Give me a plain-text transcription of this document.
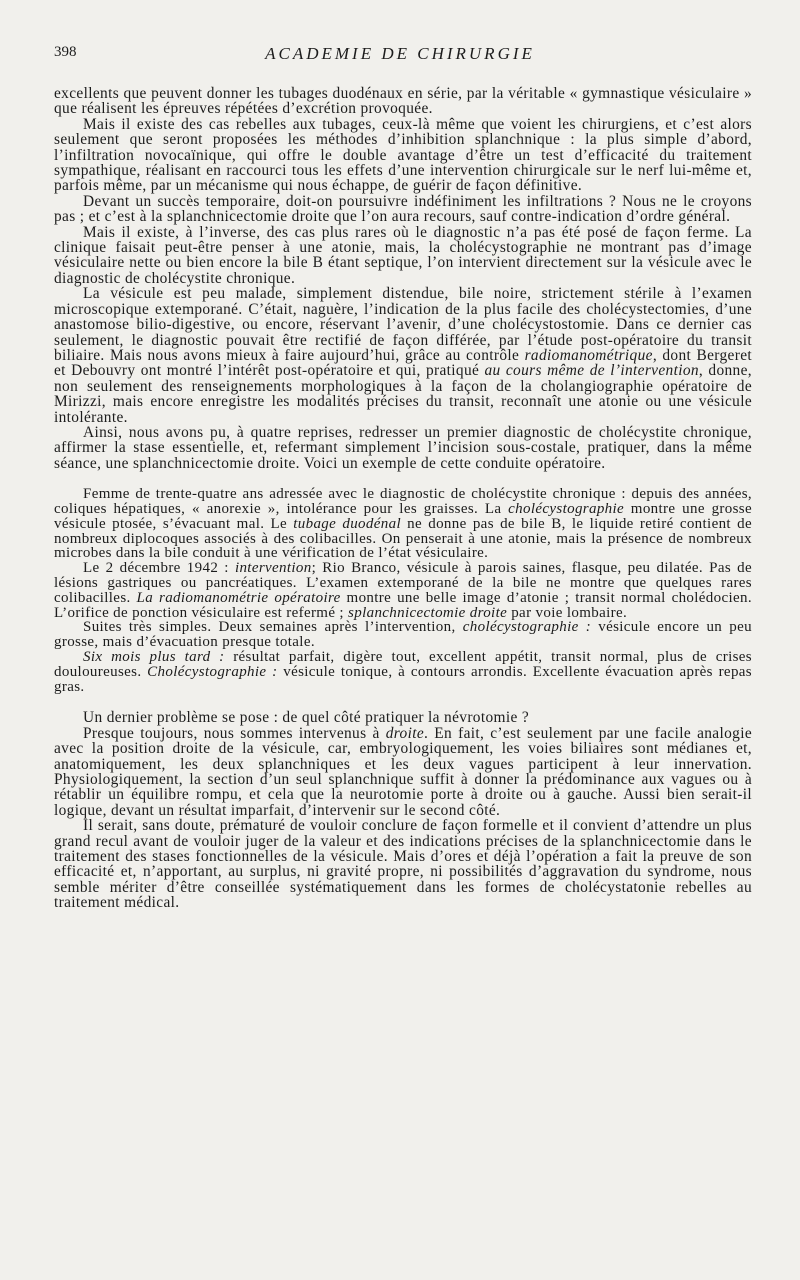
398	ACADEMIE DE CHIRURGIE

excellents que peuvent donner les tubages duodénaux en série, par la véritable « gymnastique vésiculaire » que réalisent les épreuves répétées d’excrétion provoquée.

Mais il existe des cas rebelles aux tubages, ceux-là même que voient les chirurgiens, et c’est alors seulement que seront proposées les méthodes d’inhibition splanchnique : la plus simple d’abord, l’infiltration novocaïnique, qui offre le double avantage d’être un test d’efficacité du traitement sympathique, réalisant en raccourci tous les effets d’une intervention chirurgicale sur le nerf lui-même et, parfois même, par un mécanisme qui nous échappe, de guérir de façon définitive.

Devant un succès temporaire, doit-on poursuivre indéfiniment les infiltrations ? Nous ne le croyons pas ; et c’est à la splanchnicectomie droite que l’on aura recours, sauf contre-indication d’ordre général.

Mais il existe, à l’inverse, des cas plus rares où le diagnostic n’a pas été posé de façon ferme. La clinique faisait peut-être penser à une atonie, mais, la cholécystographie ne montrant pas d’image vésiculaire nette ou bien encore la bile B étant septique, l’on intervient directement sur la vésicule avec le diagnostic de cholécystite chronique.

La vésicule est peu malade, simplement distendue, bile noire, strictement stérile à l’examen microscopique extemporané. C’était, naguère, l’indication de la plus facile des cholécystectomies, d’une anastomose bilio-digestive, ou encore, réservant l’avenir, d’une cholécystostomie. Dans ce dernier cas seulement, le diagnostic pouvait être rectifié de façon différée, par l’étude post-opératoire du transit biliaire. Mais nous avons mieux à faire aujourd’hui, grâce au contrôle radiomanométrique, dont Bergeret et Debouvry ont montré l’intérêt post-opératoire et qui, pratiqué au cours même de l’intervention, donne, non seulement des renseignements morphologiques à la façon de la cholangiographie opératoire de Mirizzi, mais encore enregistre les modalités précises du transit, reconnaît une atonie ou une vésicule intolérante.

Ainsi, nous avons pu, à quatre reprises, redresser un premier diagnostic de cholécystite chronique, affirmer la stase essentielle, et, refermant simplement l’incision sous-costale, pratiquer, dans la même séance, une splanchnicectomie droite. Voici un exemple de cette conduite opératoire.

Femme de trente-quatre ans adressée avec le diagnostic de cholécystite chronique : depuis des années, coliques hépatiques, « anorexie », intolérance pour les graisses. La cholécystographie montre une grosse vésicule ptosée, s’évacuant mal. Le tubage duodénal ne donne pas de bile B, le liquide retiré contient de nombreux diplocoques associés à des colibacilles. On penserait à une atonie, mais la présence de nombreux microbes dans la bile conduit à une vérification de l’état vésiculaire.

Le 2 décembre 1942 : intervention; Rio Branco, vésicule à parois saines, flasque, peu dilatée. Pas de lésions gastriques ou pancréatiques. L’examen extemporané de la bile ne montre que quelques rares colibacilles. La radiomanométrie opératoire montre une belle image d’atonie ; transit normal cholédocien. L’orifice de ponction vésiculaire est refermé ; splanchnicectomie droite par voie lombaire.

Suites très simples. Deux semaines après l’intervention, cholécystographie : vésicule encore un peu grosse, mais d’évacuation presque totale.

Six mois plus tard : résultat parfait, digère tout, excellent appétit, transit normal, plus de crises douloureuses. Cholécystographie : vésicule tonique, à contours arrondis. Excellente évacuation après repas gras.

Un dernier problème se pose : de quel côté pratiquer la névrotomie ?

Presque toujours, nous sommes intervenus à droite. En fait, c’est seulement par une facile analogie avec la position droite de la vésicule, car, embryologiquement, les voies biliaires sont médianes et, anatomiquement, les deux splanchniques et les deux vagues participent à leur innervation. Physiologiquement, la section d’un seul splanchnique suffit à donner la prédominance aux vagues ou à rétablir un équilibre rompu, et cela que la neurotomie porte à droite ou à gauche. Aussi bien serait-il logique, devant un résultat imparfait, d’intervenir sur le second côté.

Il serait, sans doute, prématuré de vouloir conclure de façon formelle et il convient d’attendre un plus grand recul avant de vouloir juger de la valeur et des indications précises de la splanchnicectomie dans le traitement des stases fonctionnelles de la vésicule. Mais d’ores et déjà l’opération a fait la preuve de son efficacité et, n’apportant, au surplus, ni gravité propre, ni possibilités d’aggravation du syndrome, nous semble mériter d’être conseillée systématiquement dans les formes de cholécystatonie rebelles au traitement médical.
